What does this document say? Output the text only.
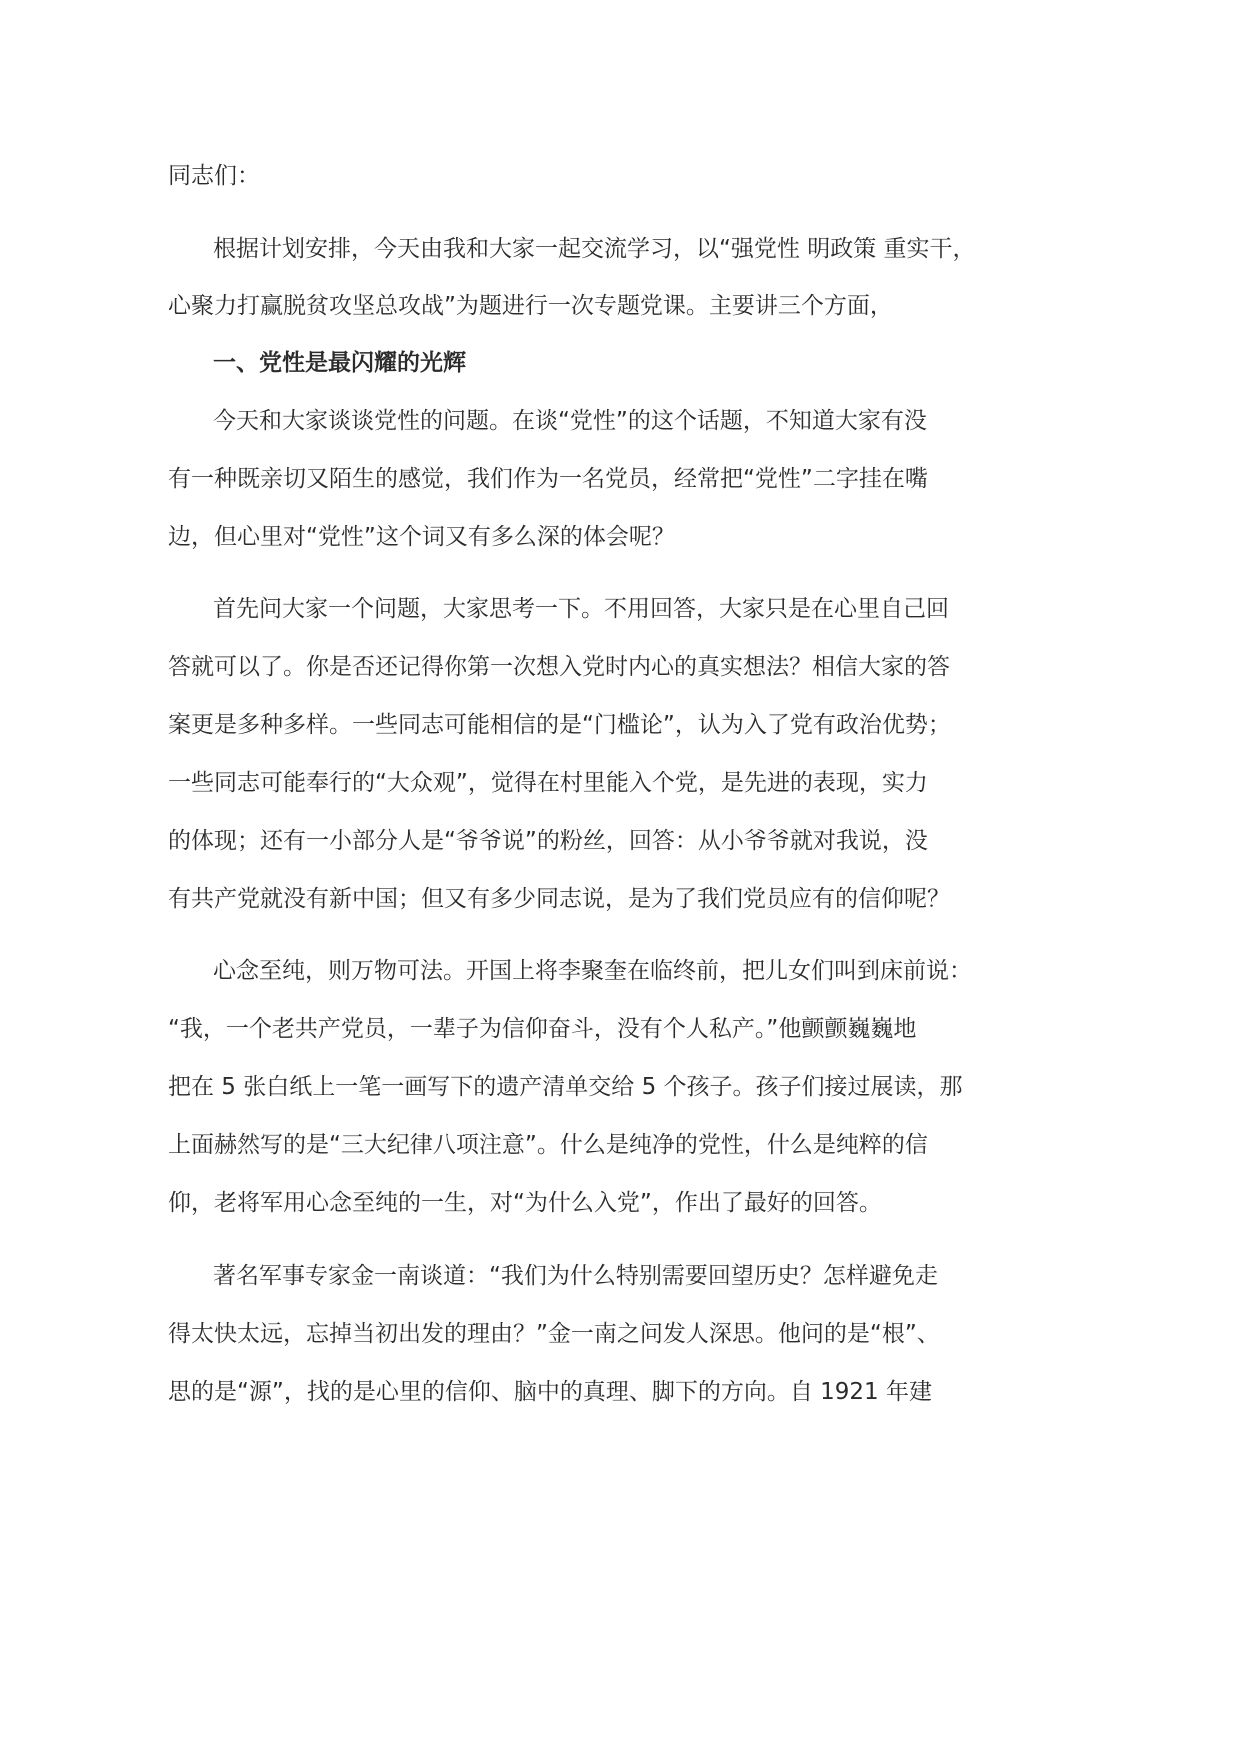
同志们：

根据计划安排，今天由我和大家一起交流学习，以“强党性 明政策 重实干，

心聚力打赢脱贫攻坚总攻战”为题进行一次专题党课。主要讲三个方面，

一、党性是最闪耀的光辉

今天和大家谈谈党性的问题。在谈“党性”的这个话题，不知道大家有没

有一种既亲切又陌生的感觉，我们作为一名党员，经常把“党性”二字挂在嘴

边，但心里对“党性”这个词又有多么深的体会呢？

首先问大家一个问题，大家思考一下。不用回答，大家只是在心里自己回

答就可以了。你是否还记得你第一次想入党时内心的真实想法？相信大家的答

案更是多种多样。一些同志可能相信的是“门槛论”，认为入了党有政治优势；

一些同志可能奉行的“大众观”，觉得在村里能入个党，是先进的表现，实力

的体现；还有一小部分人是“爷爷说”的粉丝，回答：从小爷爷就对我说，没

有共产党就没有新中国；但又有多少同志说，是为了我们党员应有的信仰呢？

心念至纯，则万物可法。开国上将李聚奎在临终前，把儿女们叫到床前说：

“我，一个老共产党员，一辈子为信仰奋斗，没有个人私产。”他颤颤巍巍地

把在 5 张白纸上一笔一画写下的遗产清单交给 5 个孩子。孩子们接过展读，那

上面赫然写的是“三大纪律八项注意”。什么是纯净的党性，什么是纯粹的信

仰，老将军用心念至纯的一生，对“为什么入党”，作出了最好的回答。

著名军事专家金一南谈道：“我们为什么特别需要回望历史？怎样避免走

得太快太远，忘掉当初出发的理由？”金一南之问发人深思。他问的是“根”、

思的是“源”，找的是心里的信仰、脑中的真理、脚下的方向。自 1921 年建
